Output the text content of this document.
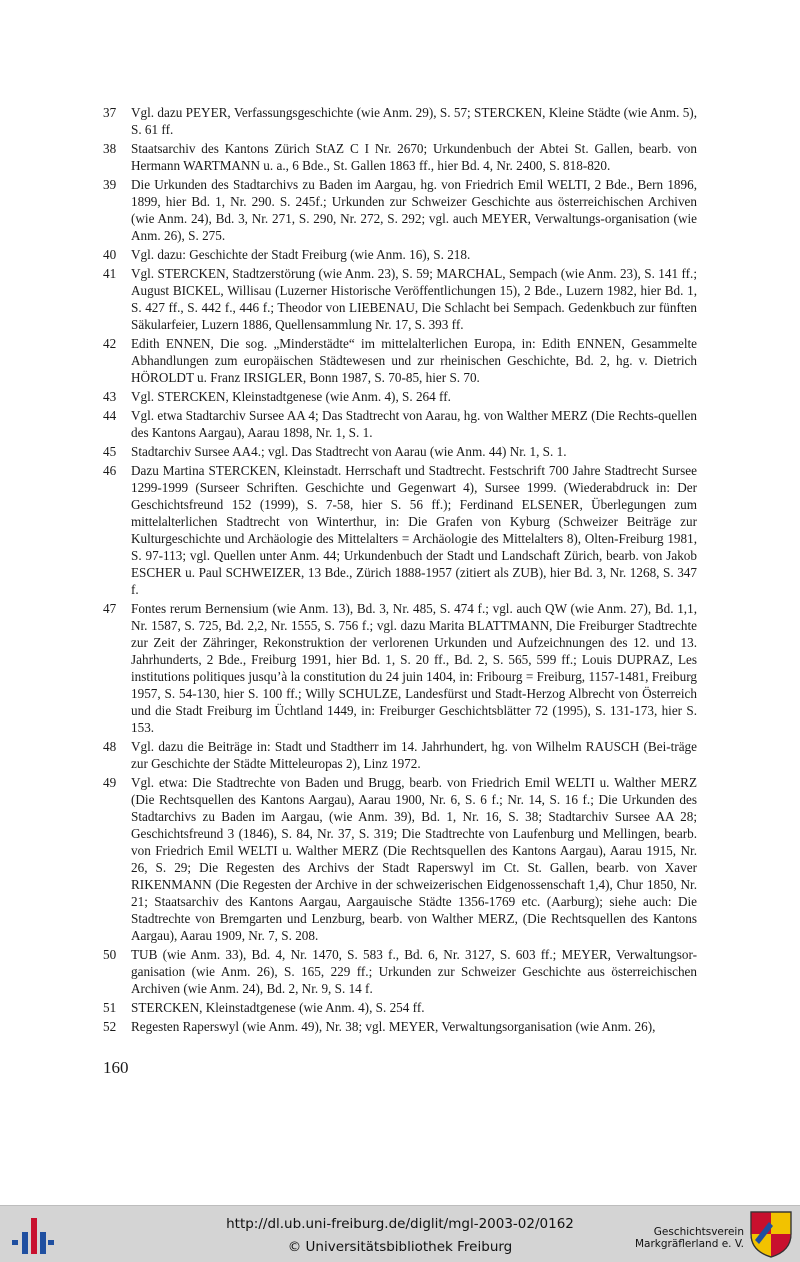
37	Vgl. dazu PEYER, Verfassungsgeschichte (wie Anm. 29), S. 57; STERCKEN, Kleine Städte (wie Anm. 5), S. 61 ff.
38	Staatsarchiv des Kantons Zürich StAZ C I Nr. 2670; Urkundenbuch der Abtei St. Gallen, bearb. von Hermann WARTMANN u. a., 6 Bde., St. Gallen 1863 ff., hier Bd. 4, Nr. 2400, S. 818-820.
39	Die Urkunden des Stadtarchivs zu Baden im Aargau, hg. von Friedrich Emil WELTI, 2 Bde., Bern 1896, 1899, hier Bd. 1, Nr. 290. S. 245f.; Urkunden zur Schweizer Geschichte aus österreichischen Archiven (wie Anm. 24), Bd. 3, Nr. 271, S. 290, Nr. 272, S. 292; vgl. auch MEYER, Verwaltungs-organisation (wie Anm. 26), S. 275.
40	Vgl. dazu: Geschichte der Stadt Freiburg (wie Anm. 16), S. 218.
41	Vgl. STERCKEN, Stadtzerstörung (wie Anm. 23), S. 59; MARCHAL, Sempach (wie Anm. 23), S. 141 ff.; August BICKEL, Willisau (Luzerner Historische Veröffentlichungen 15), 2 Bde., Luzern 1982, hier Bd. 1, S. 427 ff., S. 442 f., 446 f.; Theodor von LIEBENAU, Die Schlacht bei Sempach. Gedenkbuch zur fünften Säkularfeier, Luzern 1886, Quellensammlung Nr. 17, S. 393 ff.
42	Edith ENNEN, Die sog. „Minderstädte“ im mittelalterlichen Europa, in: Edith ENNEN, Gesammelte Abhandlungen zum europäischen Städtewesen und zur rheinischen Geschichte, Bd. 2, hg. v. Dietrich HÖROLDT u. Franz IRSIGLER, Bonn 1987, S. 70-85, hier S. 70.
43	Vgl. STERCKEN, Kleinstadtgenese (wie Anm. 4), S. 264 ff.
44	Vgl. etwa Stadtarchiv Sursee AA 4; Das Stadtrecht von Aarau, hg. von Walther MERZ (Die Rechts-quellen des Kantons Aargau), Aarau 1898, Nr. 1, S. 1.
45	Stadtarchiv Sursee AA4.; vgl. Das Stadtrecht von Aarau (wie Anm. 44) Nr. 1, S. 1.
46	Dazu Martina STERCKEN, Kleinstadt. Herrschaft und Stadtrecht. Festschrift 700 Jahre Stadtrecht Sursee 1299-1999 (Surseer Schriften. Geschichte und Gegenwart 4), Sursee 1999. (Wiederabdruck in: Der Geschichtsfreund 152 (1999), S. 7-58, hier S. 56 ff.); Ferdinand ELSENER, Überlegungen zum mittelalterlichen Stadtrecht von Winterthur, in: Die Grafen von Kyburg (Schweizer Beiträge zur Kulturgeschichte und Archäologie des Mittelalters = Archäologie des Mittelalters 8), Olten-Freiburg 1981, S. 97-113; vgl. Quellen unter Anm. 44; Urkundenbuch der Stadt und Landschaft Zürich, bearb. von Jakob ESCHER u. Paul SCHWEIZER, 13 Bde., Zürich 1888-1957 (zitiert als ZUB), hier Bd. 3, Nr. 1268, S. 347 f.
47	Fontes rerum Bernensium (wie Anm. 13), Bd. 3, Nr. 485, S. 474 f.; vgl. auch QW (wie Anm. 27), Bd. 1,1, Nr. 1587, S. 725, Bd. 2,2, Nr. 1555, S. 756 f.; vgl. dazu Marita BLATTMANN, Die Freiburger Stadtrechte zur Zeit der Zähringer, Rekonstruktion der verlorenen Urkunden und Aufzeichnungen des 12. und 13. Jahrhunderts, 2 Bde., Freiburg 1991, hier Bd. 1, S. 20 ff., Bd. 2, S. 565, 599 ff.; Louis DUPRAZ, Les institutions politiques jusqu’à la constitution du 24 juin 1404, in: Fribourg = Freiburg, 1157-1481, Freiburg 1957, S. 54-130, hier S. 100 ff.; Willy SCHULZE, Landesfürst und Stadt-Herzog Albrecht von Österreich und die Stadt Freiburg im Üchtland 1449, in: Freiburger Geschichtsblätter 72 (1995), S. 131-173, hier S. 153.
48	Vgl. dazu die Beiträge in: Stadt und Stadtherr im 14. Jahrhundert, hg. von Wilhelm RAUSCH (Bei-träge zur Geschichte der Städte Mitteleuropas 2), Linz 1972.
49	Vgl. etwa: Die Stadtrechte von Baden und Brugg, bearb. von Friedrich Emil WELTI u. Walther MERZ (Die Rechtsquellen des Kantons Aargau), Aarau 1900, Nr. 6, S. 6 f.; Nr. 14, S. 16 f.; Die Urkunden des Stadtarchivs zu Baden im Aargau, (wie Anm. 39), Bd. 1, Nr. 16, S. 38; Stadtarchiv Sursee AA 28; Geschichtsfreund 3 (1846), S. 84, Nr. 37, S. 319; Die Stadtrechte von Laufenburg und Mellingen, bearb. von Friedrich Emil WELTI u. Walther MERZ (Die Rechtsquellen des Kantons Aargau), Aarau 1915, Nr. 26, S. 29; Die Regesten des Archivs der Stadt Raperswyl im Ct. St. Gallen, bearb. von Xaver RIKENMANN (Die Regesten der Archive in der schweizerischen Eidgenossenschaft 1,4), Chur 1850, Nr. 21; Staatsarchiv des Kantons Aargau, Aargauische Städte 1356-1769 etc. (Aarburg); siehe auch: Die Stadtrechte von Bremgarten und Lenzburg, bearb. von Walther MERZ, (Die Rechtsquellen des Kantons Aargau), Aarau 1909, Nr. 7, S. 208.
50	TUB (wie Anm. 33), Bd. 4, Nr. 1470, S. 583 f., Bd. 6, Nr. 3127, S. 603 ff.; MEYER, Verwaltungsor-ganisation (wie Anm. 26), S. 165, 229 ff.; Urkunden zur Schweizer Geschichte aus österreichischen Archiven (wie Anm. 24), Bd. 2, Nr. 9, S. 14 f.
51	STERCKEN, Kleinstadtgenese (wie Anm. 4), S. 254 ff.
52	Regesten Raperswyl (wie Anm. 49), Nr. 38; vgl. MEYER, Verwaltungsorganisation (wie Anm. 26),
160
http://dl.ub.uni-freiburg.de/diglit/mgl-2003-02/0162
© Universitätsbibliothek Freiburg
Geschichtsverein
Markgräflerland e. V.
